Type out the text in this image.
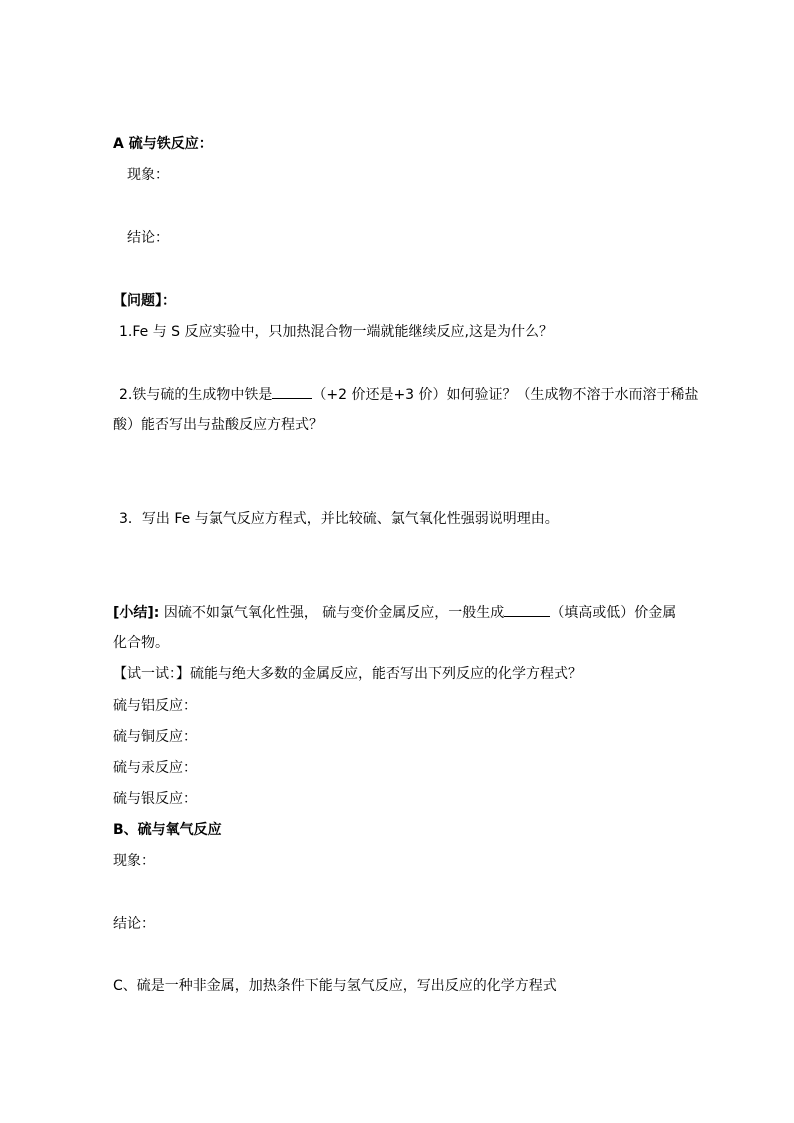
A 硫与铁反应：
现象：
结论：
【问题】：
1.Fe 与 S 反应实验中，只加热混合物一端就能继续反应,这是为什么？
2.铁与硫的生成物中铁是	（+2 价还是+3 价）如何验证？（生成物不溶于水而溶于稀盐
酸）能否写出与盐酸反应方程式？
3．写出 Fe 与氯气反应方程式，并比较硫、氯气氧化性强弱说明理由。
[小结]: 因硫不如氯气氧化性强， 硫与变价金属反应，一般生成	（填高或低）价金属
化合物。
【试一试：】硫能与绝大多数的金属反应，能否写出下列反应的化学方程式？
硫与铝反应：
硫与铜反应：
硫与汞反应：
硫与银反应：
B、硫与氧气反应
现象：
结论：
C、硫是一种非金属，加热条件下能与氢气反应，写出反应的化学方程式
